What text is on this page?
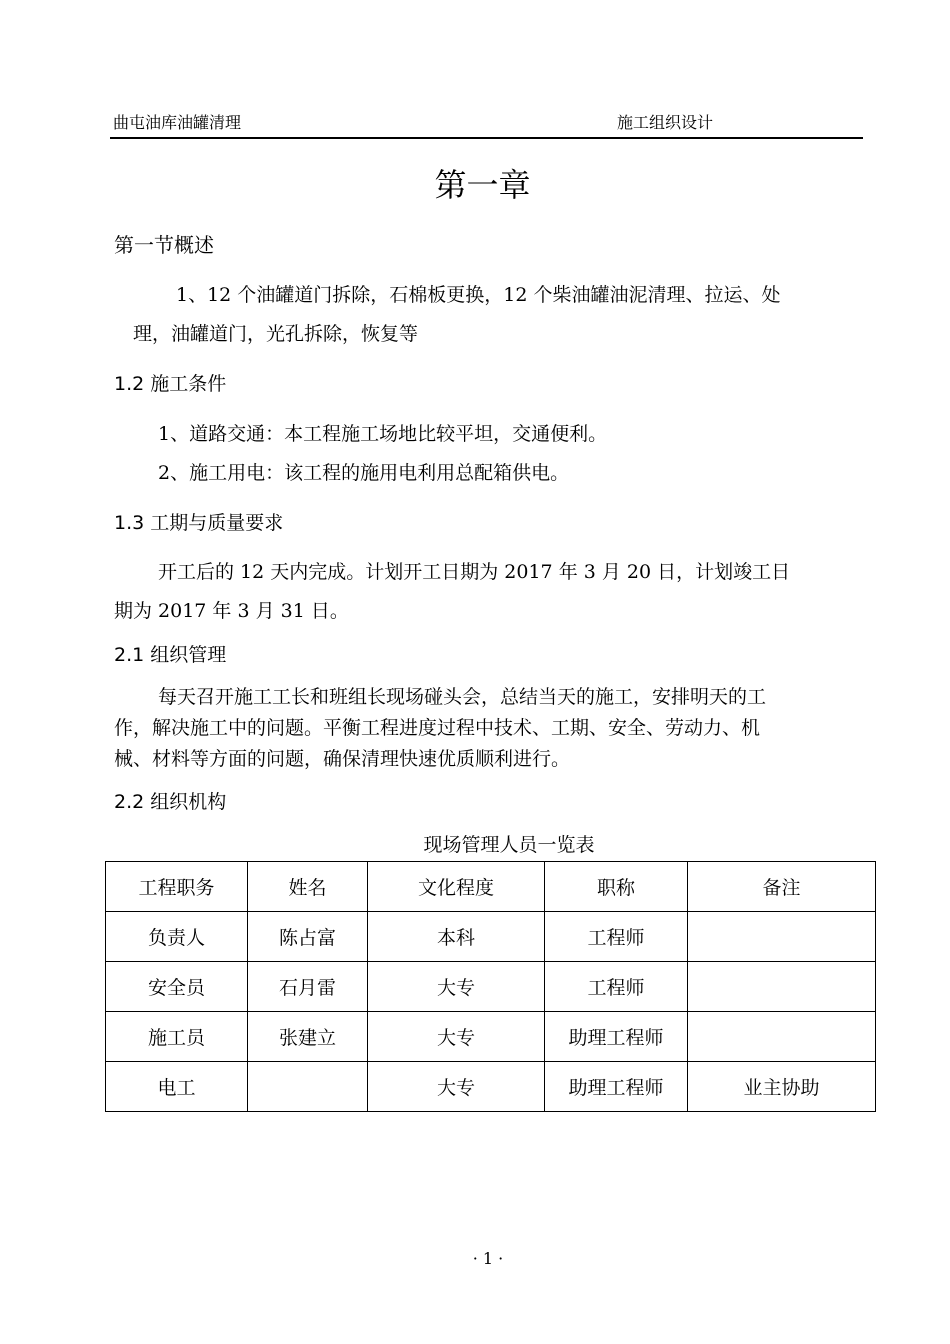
曲屯油库油罐清理	施工组织设计
第一章
第一节概述
1、12 个油罐道门拆除，石棉板更换，12 个柴油罐油泥清理、拉运、处
理，油罐道门，光孔拆除，恢复等
1.2 施工条件
1、道路交通：本工程施工场地比较平坦，交通便利。
2、施工用电：该工程的施用电利用总配箱供电。
1.3 工期与质量要求
开工后的 12 天内完成。计划开工日期为 2017 年 3 月 20 日，计划竣工日
期为 2017 年 3 月 31 日。
2.1 组织管理
每天召开施工工长和班组长现场碰头会，总结当天的施工，安排明天的工
作，解决施工中的问题。平衡工程进度过程中技术、工期、安全、劳动力、机
械、材料等方面的问题，确保清理快速优质顺利进行。
2.2 组织机构
现场管理人员一览表
工程职务	姓名	文化程度	职称	备注
负责人	陈占富	本科	工程师	
安全员	石月雷	大专	工程师	
施工员	张建立	大专	助理工程师	
电工		大专	助理工程师	业主协助
· 1 ·
